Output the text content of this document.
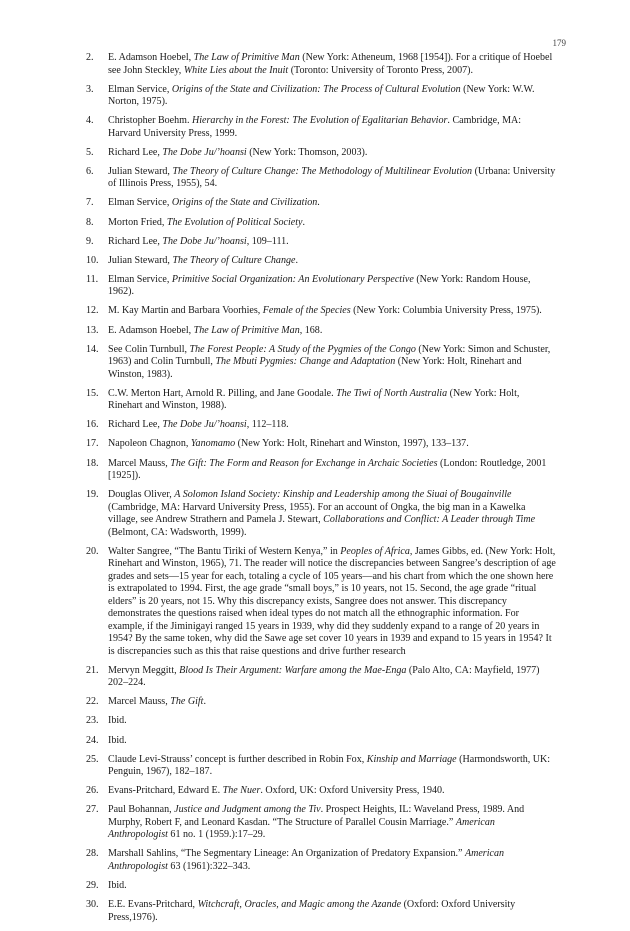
179
2.	E. Adamson Hoebel, The Law of Primitive Man (New York: Atheneum, 1968 [1954]). For a critique of Hoebel see John Steckley, White Lies about the Inuit (Toronto: University of Toronto Press, 2007).
3.	Elman Service, Origins of the State and Civilization: The Process of Cultural Evolution (New York: W.W. Norton, 1975).
4.	Christopher Boehm. Hierarchy in the Forest: The Evolution of Egalitarian Behavior. Cambridge, MA: Harvard University Press, 1999.
5.	Richard Lee, The Dobe Ju/’hoansi (New York: Thomson, 2003).
6.	Julian Steward, The Theory of Culture Change: The Methodology of Multilinear Evolution (Urbana: University of Illinois Press, 1955), 54.
7.	Elman Service, Origins of the State and Civilization.
8.	Morton Fried, The Evolution of Political Society.
9.	Richard Lee, The Dobe Ju/’hoansi, 109–111.
10. Julian Steward, The Theory of Culture Change.
11. Elman Service, Primitive Social Organization: An Evolutionary Perspective (New York: Random House, 1962).
12. M. Kay Martin and Barbara Voorhies, Female of the Species (New York: Columbia University Press, 1975).
13. E. Adamson Hoebel, The Law of Primitive Man, 168.
14. See Colin Turnbull, The Forest People: A Study of the Pygmies of the Congo (New York: Simon and Schuster, 1963) and Colin Turnbull, The Mbuti Pygmies: Change and Adaptation (New York: Holt, Rinehart and Winston, 1983).
15. C.W. Merton Hart, Arnold R. Pilling, and Jane Goodale. The Tiwi of North Australia (New York: Holt, Rinehart and Winston, 1988).
16. Richard Lee, The Dobe Ju/’hoansi, 112–118.
17. Napoleon Chagnon, Yanomamo (New York: Holt, Rinehart and Winston, 1997), 133–137.
18. Marcel Mauss, The Gift: The Form and Reason for Exchange in Archaic Societies (London: Routledge, 2001 [1925]).
19. Douglas Oliver, A Solomon Island Society: Kinship and Leadership among the Siuai of Bougainville (Cambridge, MA: Harvard University Press, 1955). For an account of Ongka, the big man in a Kawelka village, see Andrew Strathern and Pamela J. Stewart, Collaborations and Conflict: A Leader through Time (Belmont, CA: Wadsworth, 1999).
20. Walter Sangree, “The Bantu Tiriki of Western Kenya,” in Peoples of Africa, James Gibbs, ed. (New York: Holt, Rinehart and Winston, 1965), 71. The reader will notice the discrepancies between Sangree’s description of age grades and sets—15 year for each, totaling a cycle of 105 years—and his chart from which the one shown here is extrapolated to 1994. First, the age grade “small boys,” is 10 years, not 15. Second, the age grade “ritual elders” is 20 years, not 15. Why this discrepancy exists, Sangree does not answer. This discrepancy demonstrates the questions raised when ideal types do not match all the ethnographic information. For example, if the Jiminigayi ranged 15 years in 1939, why did they suddenly expand to a range of 20 years in 1954? By the same token, why did the Sawe age set cover 10 years in 1939 and expand to 15 years in 1954? It is discrepancies such as this that raise questions and drive further research
21. Mervyn Meggitt, Blood Is Their Argument: Warfare among the Mae-Enga (Palo Alto, CA: Mayfield, 1977) 202–224.
22. Marcel Mauss, The Gift.
23. Ibid.
24. Ibid.
25. Claude Levi-Strauss’ concept is further described in Robin Fox, Kinship and Marriage (Harmondsworth, UK: Penguin, 1967), 182–187.
26. Evans-Pritchard, Edward E. The Nuer. Oxford, UK: Oxford University Press, 1940.
27. Paul Bohannan, Justice and Judgment among the Tiv. Prospect Heights, IL: Waveland Press, 1989. And Murphy, Robert F, and Leonard Kasdan. “The Structure of Parallel Cousin Marriage.” American Anthropologist 61 no. 1 (1959.):17–29.
28. Marshall Sahlins, “The Segmentary Lineage: An Organization of Predatory Expansion.” American Anthropologist 63 (1961):322–343.
29. Ibid.
30. E.E. Evans-Pritchard, Witchcraft, Oracles, and Magic among the Azande (Oxford: Oxford University Press,1976).
